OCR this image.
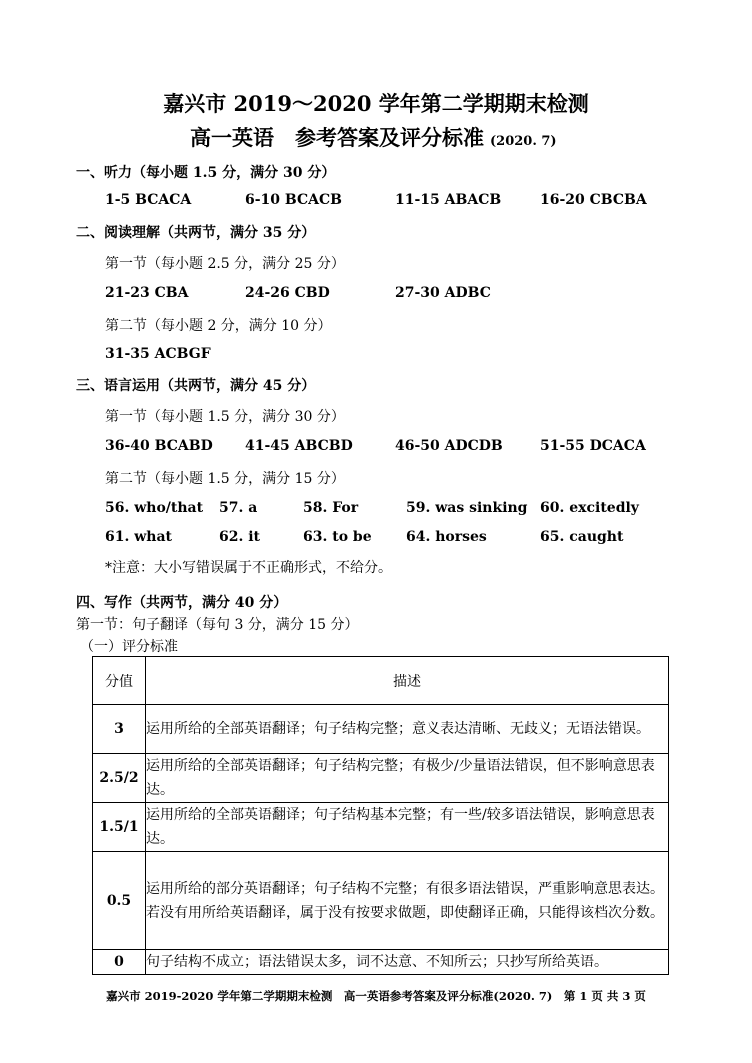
嘉兴市 2019～2020 学年第二学期期末检测
高一英语　参考答案及评分标准 (2020. 7)
一、听力（每小题 1.5 分，满分 30 分）
1-5 BCACA	6-10 BCACB	11-15 ABACB	16-20 CBCBA
二、阅读理解（共两节，满分 35 分）
第一节（每小题 2.5 分，满分 25 分）
21-23 CBA	24-26 CBD	27-30 ADBC
第二节（每小题 2 分，满分 10 分）
31-35 ACBGF
三、语言运用（共两节，满分 45 分）
第一节（每小题 1.5 分，满分 30 分）
36-40 BCABD 41-45 ABCBD	46-50 ADCDB	51-55 DCACA
第二节（每小题 1.5 分，满分 15 分）
56. who/that 57. a	58. For	59. was sinking 60. excitedly
61. what	62. it	63. to be 64. horses	65. caught
*注意：大小写错误属于不正确形式，不给分。
四、写作（共两节，满分 40 分）
第一节：句子翻译（每句 3 分，满分 15 分）
（一）评分标准
分值	描述
3	运用所给的全部英语翻译；句子结构完整；意义表达清晰、无歧义；无语法错误。

2.5/2	运用所给的全部英语翻译；句子结构完整；有极少/少量语法错误，但不影响意思表达。

1.5/1	运用所给的全部英语翻译；句子结构基本完整；有一些/较多语法错误，影响意思表达。

0.5	运用所给的部分英语翻译；句子结构不完整；有很多语法错误，严重影响意思表达。
若没有用所给英语翻译，属于没有按要求做题，即使翻译正确，只能得该档次分数。

0	句子结构不成立；语法错误太多，词不达意、不知所云；只抄写所给英语。
嘉兴市 2019-2020 学年第二学期期末检测　高一英语参考答案及评分标准(2020. 7)　第 1 页 共 3 页
